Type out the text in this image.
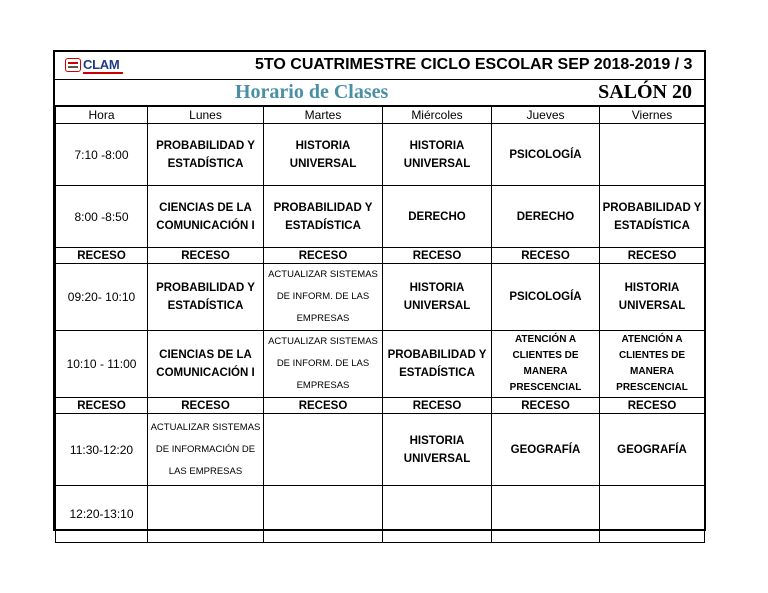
CLAM	5TO CUATRIMESTRE CICLO ESCOLAR SEP 2018-2019 / 3
Horario de Clases	SALÓN 20
Hora	Lunes	Martes	Miércoles	Jueves	Viernes
7:10 -8:00	PROBABILIDAD Y ESTADÍSTICA	HISTORIA UNIVERSAL	HISTORIA UNIVERSAL	PSICOLOGÍA	
8:00 -8:50	CIENCIAS DE LA COMUNICACIÓN I	PROBABILIDAD Y ESTADÍSTICA	DERECHO	DERECHO	PROBABILIDAD Y ESTADÍSTICA
RECESO	RECESO	RECESO	RECESO	RECESO	RECESO
09:20- 10:10	PROBABILIDAD Y ESTADÍSTICA	ACTUALIZAR SISTEMAS DE INFORM. DE LAS EMPRESAS	HISTORIA UNIVERSAL	PSICOLOGÍA	HISTORIA UNIVERSAL
10:10 - 11:00	CIENCIAS DE LA COMUNICACIÓN I	ACTUALIZAR SISTEMAS DE INFORM. DE LAS EMPRESAS	PROBABILIDAD Y ESTADÍSTICA	ATENCIÓN A CLIENTES DE MANERA PRESCENCIAL	ATENCIÓN A CLIENTES DE MANERA PRESCENCIAL
RECESO	RECESO	RECESO	RECESO	RECESO	RECESO
11:30-12:20	ACTUALIZAR SISTEMAS DE INFORMACIÓN DE LAS EMPRESAS		HISTORIA UNIVERSAL	GEOGRAFÍA	GEOGRAFÍA
12:20-13:10					
